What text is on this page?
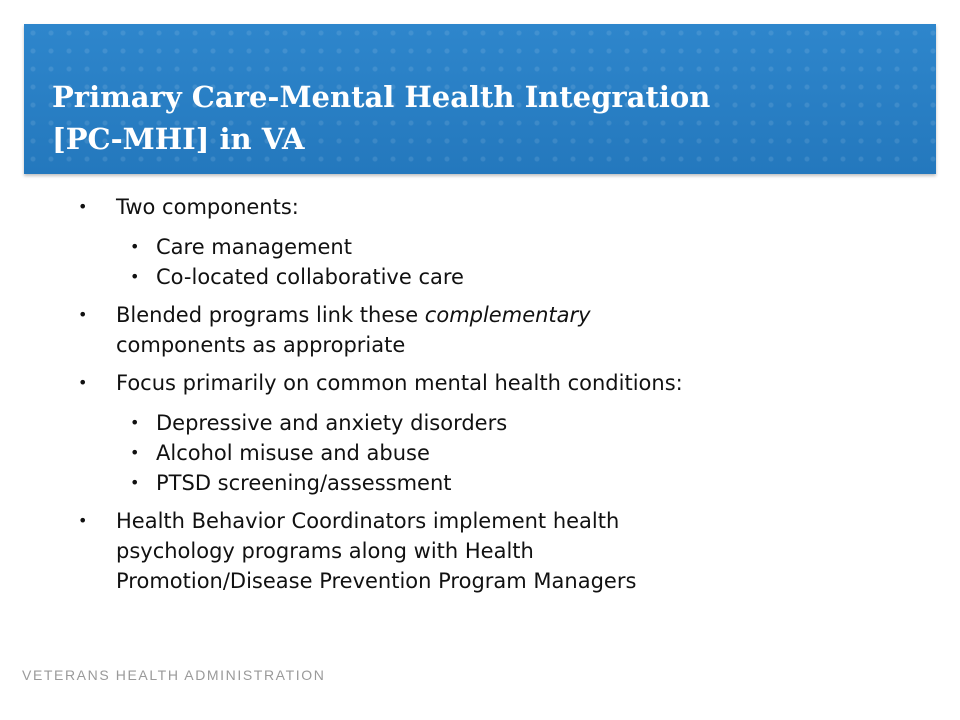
Primary Care-Mental Health Integration
[PC-MHI] in VA
• Two components:
• Care management
• Co-located collaborative care
• Blended programs link these complementary
components as appropriate
• Focus primarily on common mental health conditions:
• Depressive and anxiety disorders
• Alcohol misuse and abuse
• PTSD screening/assessment
• Health Behavior Coordinators implement health
psychology programs along with Health
Promotion/Disease Prevention Program Managers
VETERANS HEALTH ADMINISTRATION
